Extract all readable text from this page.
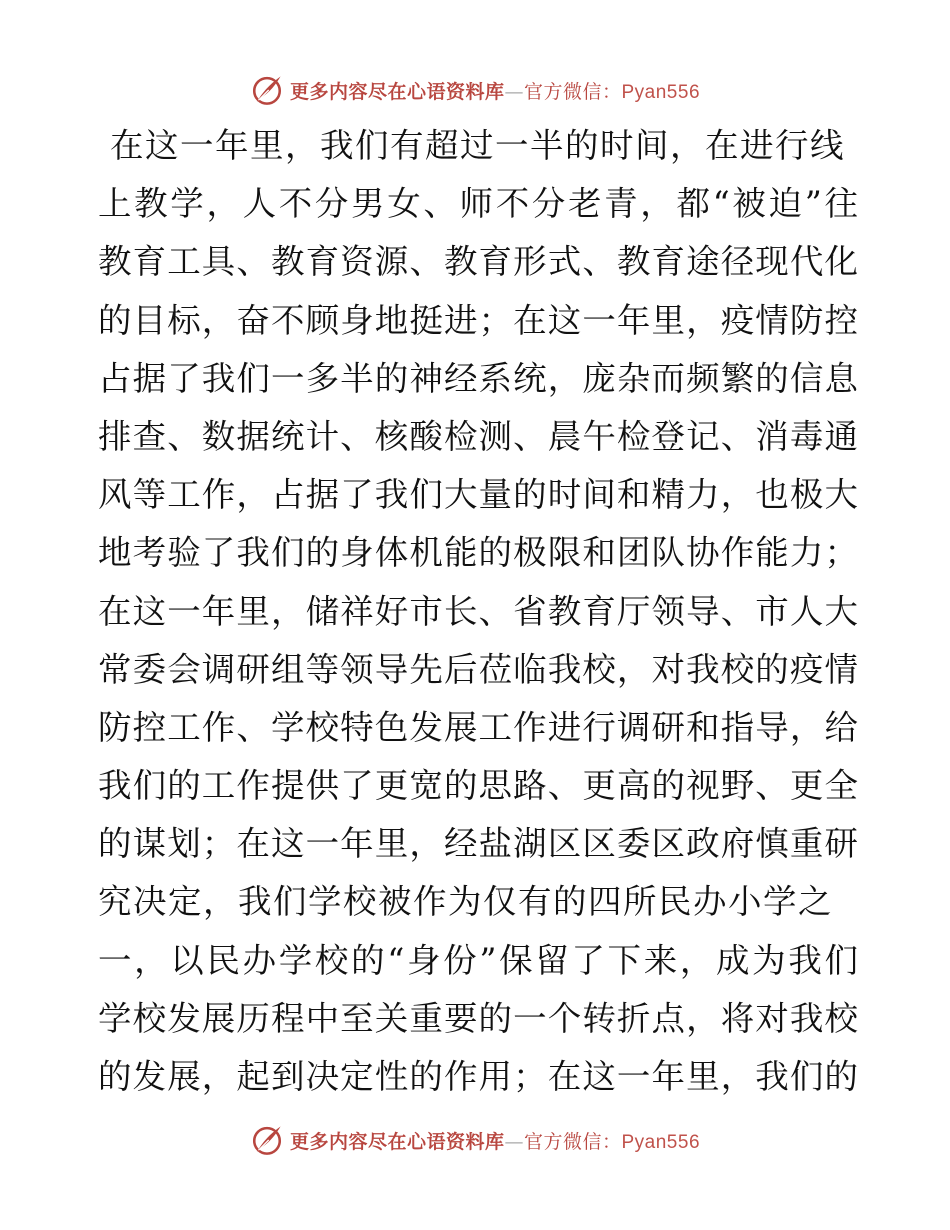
更多内容尽在心语资料库—官方微信：Pyan556
在这一年里，我们有超过一半的时间，在进行线
上教学，人不分男女、师不分老青，都“被迫”往
教育工具、教育资源、教育形式、教育途径现代化
的目标，奋不顾身地挺进；在这一年里，疫情防控
占据了我们一多半的神经系统，庞杂而频繁的信息
排查、数据统计、核酸检测、晨午检登记、消毒通
风等工作，占据了我们大量的时间和精力，也极大
地考验了我们的身体机能的极限和团队协作能力；
在这一年里，储祥好市长、省教育厅领导、市人大
常委会调研组等领导先后莅临我校，对我校的疫情
防控工作、学校特色发展工作进行调研和指导，给
我们的工作提供了更宽的思路、更高的视野、更全
的谋划；在这一年里，经盐湖区区委区政府慎重研
究决定，我们学校被作为仅有的四所民办小学之
一，以民办学校的“身份”保留了下来，成为我们
学校发展历程中至关重要的一个转折点，将对我校
的发展，起到决定性的作用；在这一年里，我们的
更多内容尽在心语资料库—官方微信：Pyan556
